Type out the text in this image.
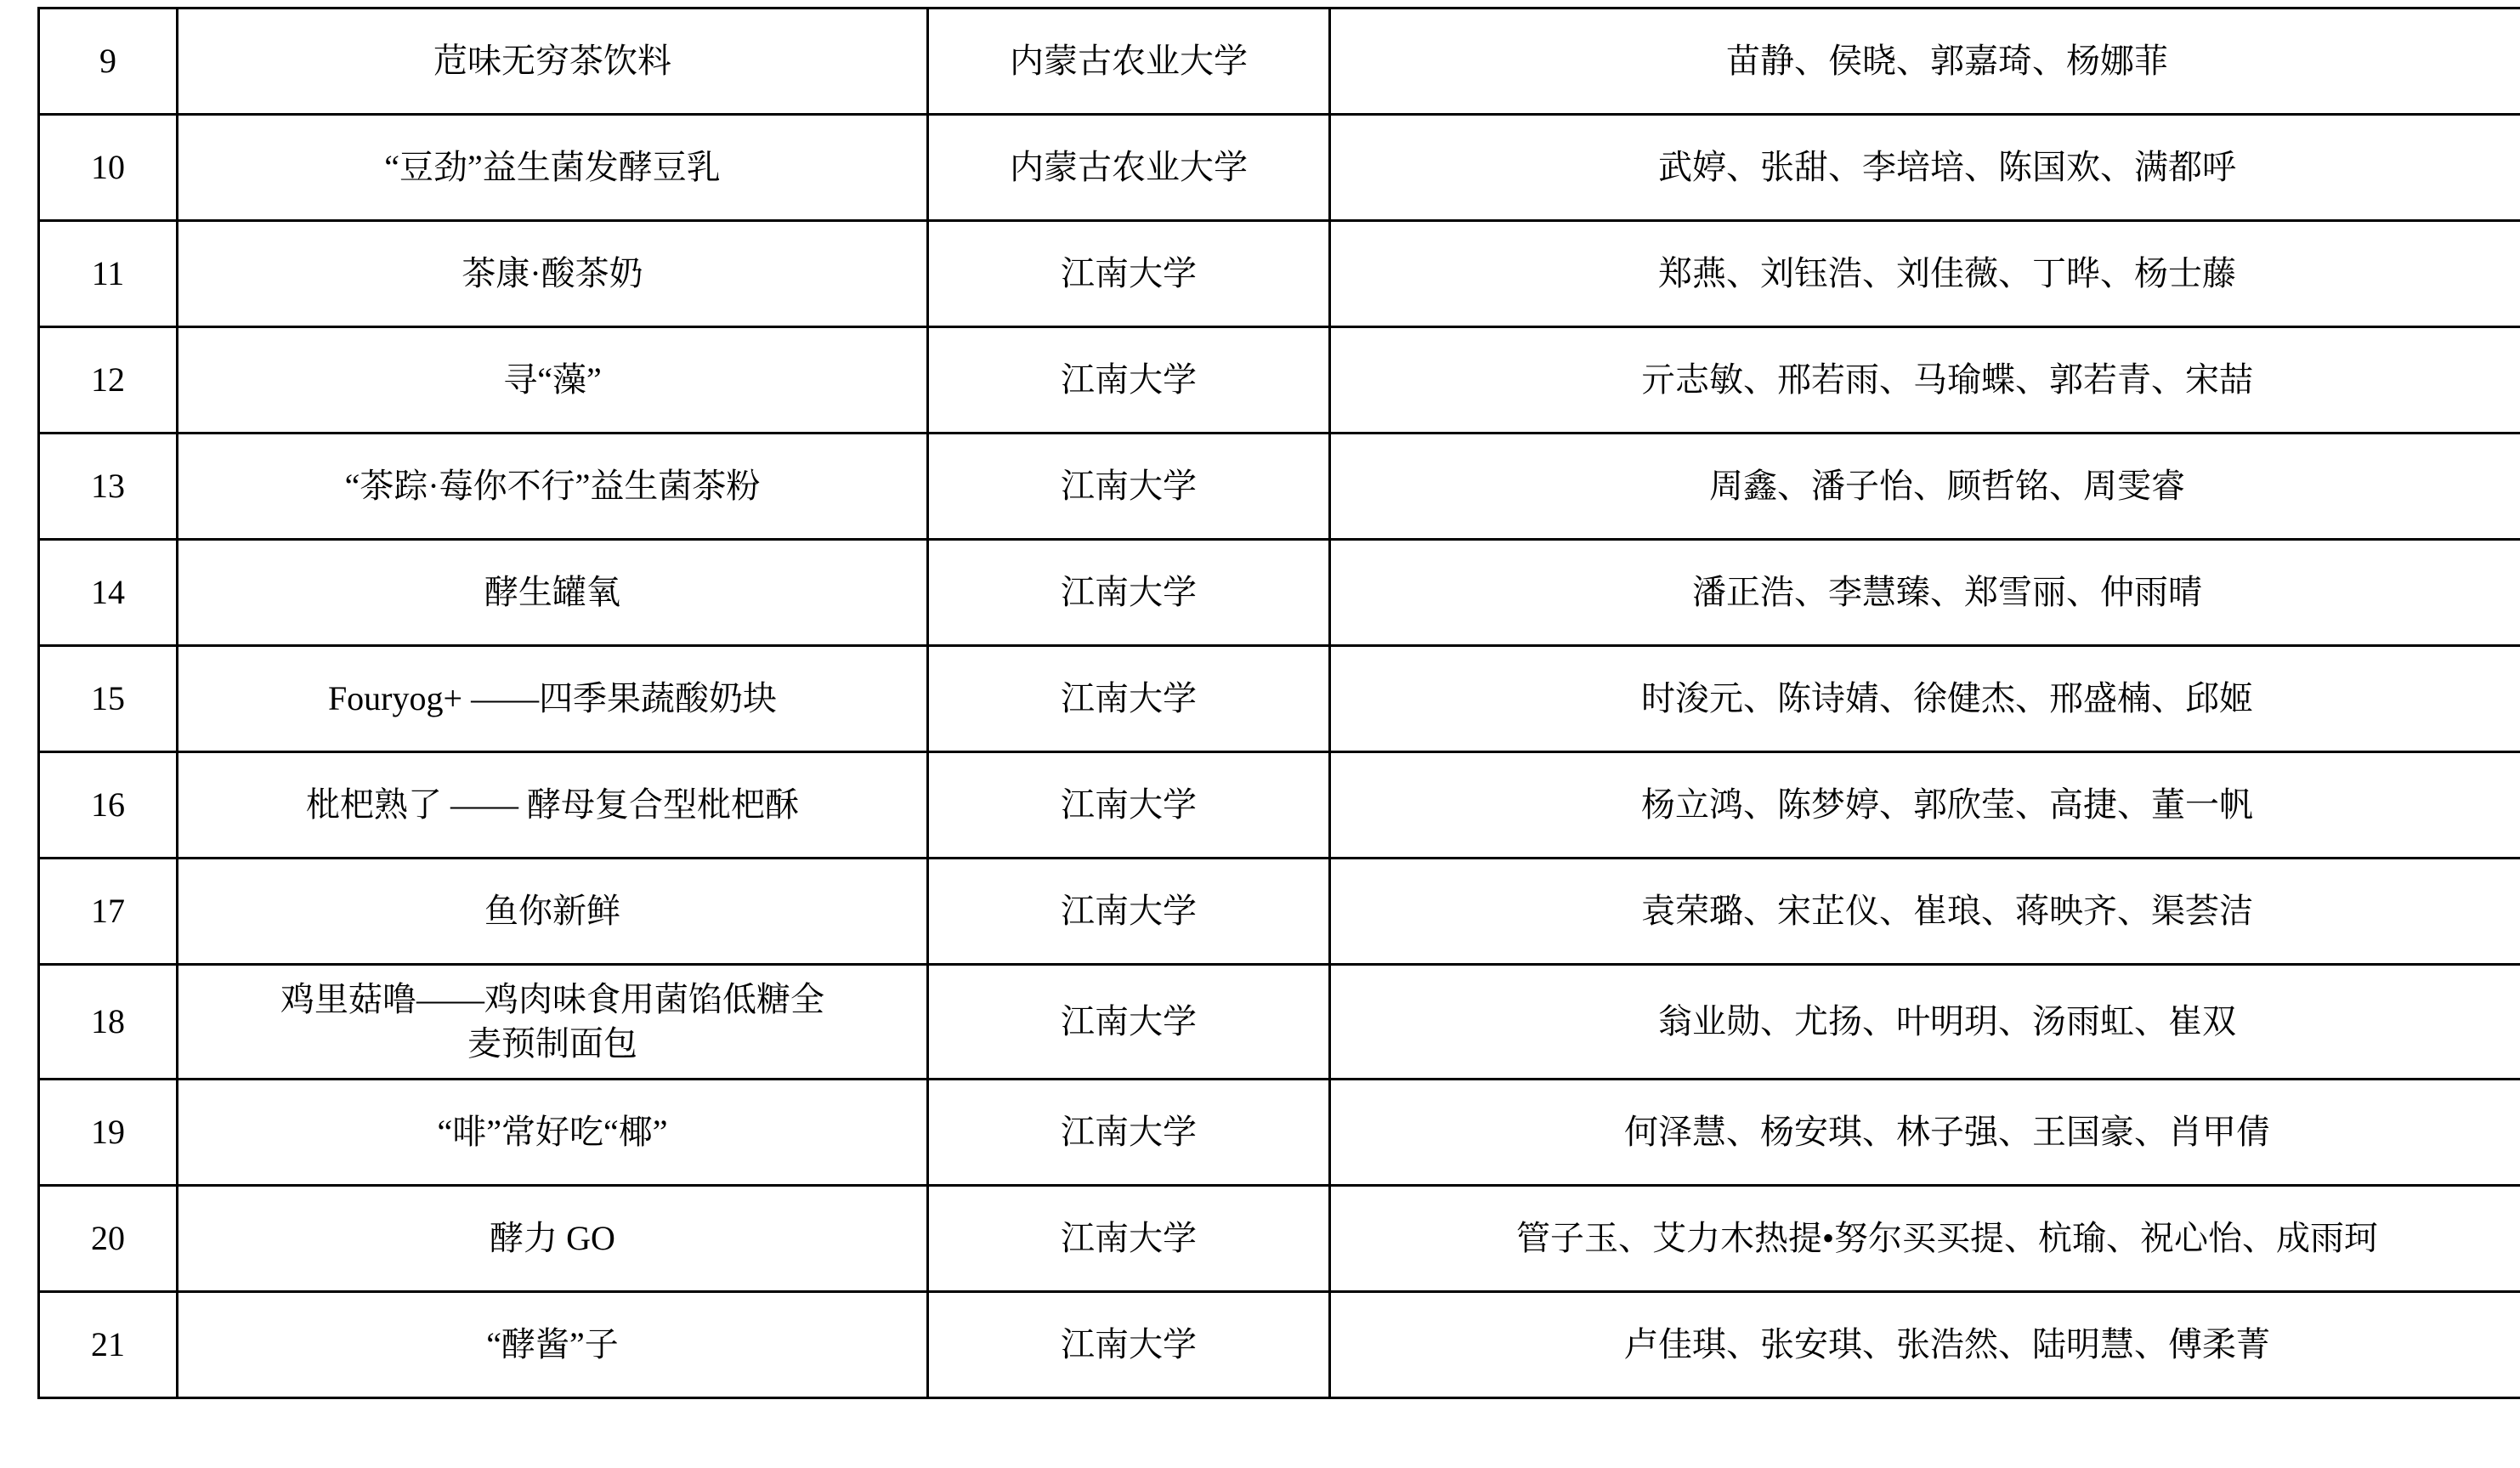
9	苊味无穷茶饮料	内蒙古农业大学	苗静、侯晓、郭嘉琦、杨娜菲
10	“豆劲”益生菌发酵豆乳	内蒙古农业大学	武婷、张甜、李培培、陈国欢、满都呼
11	茶康·酸茶奶	江南大学	郑燕、刘钰浩、刘佳薇、丁晔、杨士藤
12	寻“藻”	江南大学	亓志敏、邢若雨、马瑜蝶、郭若青、宋喆
13	“茶踪·莓你不行”益生菌茶粉	江南大学	周鑫、潘子怡、顾哲铭、周雯睿
14	酵生罐氧	江南大学	潘正浩、李慧臻、郑雪丽、仲雨晴
15	Fouryog+ ——四季果蔬酸奶块	江南大学	时浚元、陈诗婧、徐健杰、邢盛楠、邱姬
16	枇杷熟了 —— 酵母复合型枇杷酥	江南大学	杨立鸿、陈梦婷、郭欣莹、高捷、董一帆
17	鱼你新鲜	江南大学	袁荣璐、宋芷仪、崔琅、蒋映齐、渠荟洁
18	鸡里菇噜——鸡肉味食用菌馅低糖全
麦预制面包	江南大学	翁业勋、尤扬、叶明玥、汤雨虹、崔双
19	“啡”常好吃“椰”	江南大学	何泽慧、杨安琪、林子强、王国豪、肖甲倩
20	酵力 GO	江南大学	管子玉、艾力木热提•努尔买买提、杭瑜、祝心怡、成雨珂
21	“酵酱”子	江南大学	卢佳琪、张安琪、张浩然、陆明慧、傅柔菁
